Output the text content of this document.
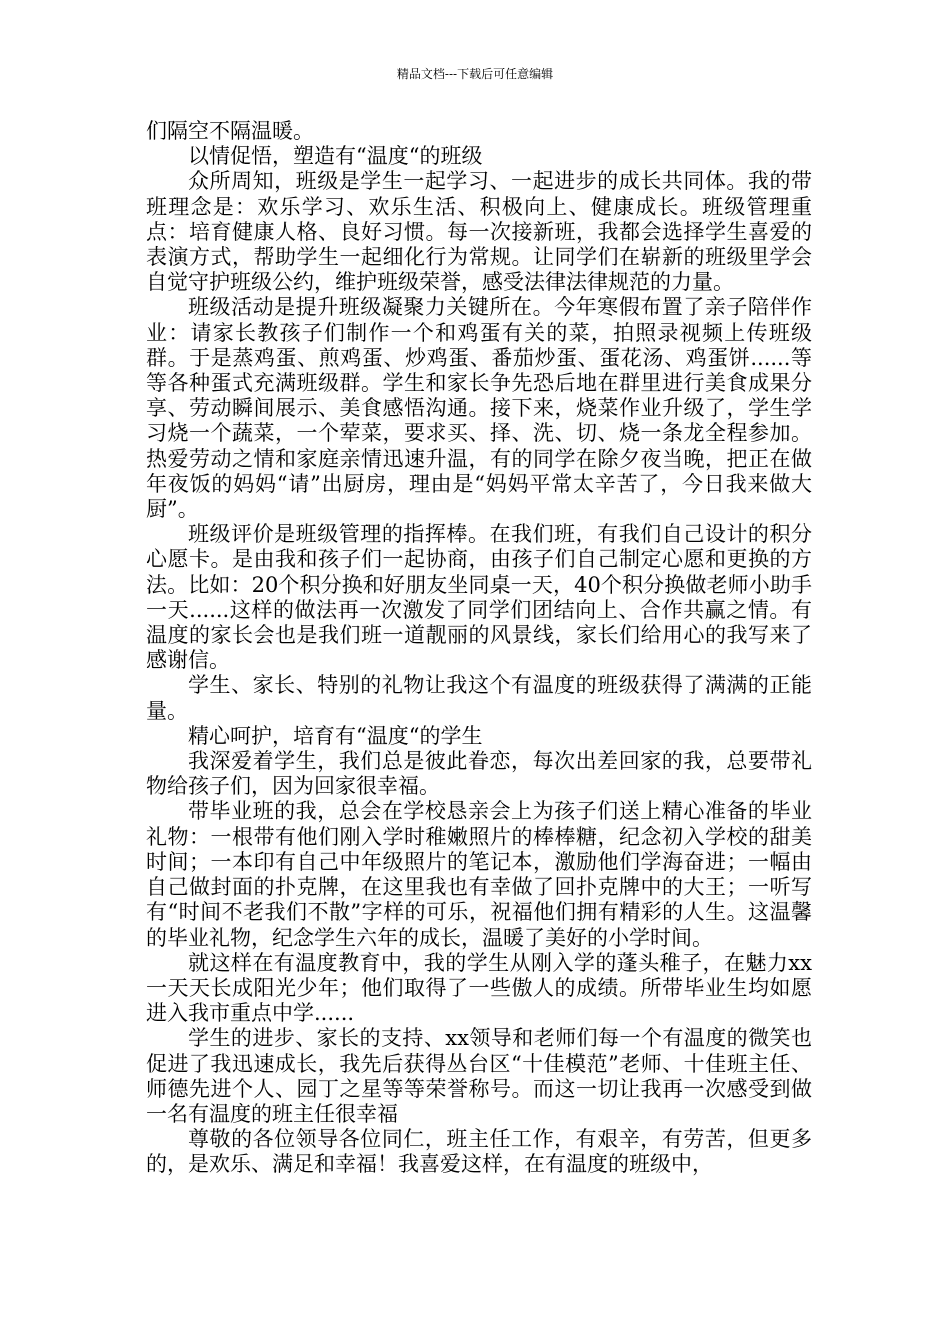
精品文档---下载后可任意编辑

们隔空不隔温暖。

以情促悟，塑造有“温度“的班级

众所周知，班级是学生一起学习、一起进步的成长共同体。我的带班理念是：欢乐学习、欢乐生活、积极向上、健康成长。班级管理重点：培育健康人格、良好习惯。每一次接新班，我都会选择学生喜爱的表演方式，帮助学生一起细化行为常规。让同学们在崭新的班级里学会自觉守护班级公约，维护班级荣誉，感受法律法律规范的力量。

班级活动是提升班级凝聚力关键所在。今年寒假布置了亲子陪伴作业：请家长教孩子们制作一个和鸡蛋有关的菜，拍照录视频上传班级群。于是蒸鸡蛋、煎鸡蛋、炒鸡蛋、番茄炒蛋、蛋花汤、鸡蛋饼......等等各种蛋式充满班级群。学生和家长争先恐后地在群里进行美食成果分享、劳动瞬间展示、美食感悟沟通。接下来，烧菜作业升级了，学生学习烧一个蔬菜，一个荤菜，要求买、择、洗、切、烧一条龙全程参加。热爱劳动之情和家庭亲情迅速升温，有的同学在除夕夜当晚，把正在做年夜饭的妈妈“请”出厨房，理由是“妈妈平常太辛苦了，今日我来做大厨”。

班级评价是班级管理的指挥棒。在我们班，有我们自己设计的积分心愿卡。是由我和孩子们一起协商，由孩子们自己制定心愿和更换的方法。比如：20个积分换和好朋友坐同桌一天，40个积分换做老师小助手一天......这样的做法再一次激发了同学们团结向上、合作共赢之情。有温度的家长会也是我们班一道靓丽的风景线，家长们给用心的我写来了感谢信。

学生、家长、特别的礼物让我这个有温度的班级获得了满满的正能量。

精心呵护，培育有“温度“的学生

我深爱着学生，我们总是彼此眷恋，每次出差回家的我，总要带礼物给孩子们，因为回家很幸福。

带毕业班的我，总会在学校恳亲会上为孩子们送上精心准备的毕业礼物：一根带有他们刚入学时稚嫩照片的棒棒糖，纪念初入学校的甜美时间；一本印有自己中年级照片的笔记本，激励他们学海奋进；一幅由自己做封面的扑克牌，在这里我也有幸做了回扑克牌中的大王；一听写有“时间不老我们不散”字样的可乐，祝福他们拥有精彩的人生。这温馨的毕业礼物，纪念学生六年的成长，温暖了美好的小学时间。

就这样在有温度教育中，我的学生从刚入学的蓬头稚子，在魅力xx一天天长成阳光少年；他们取得了一些傲人的成绩。所带毕业生均如愿进入我市重点中学......

学生的进步、家长的支持、xx领导和老师们每一个有温度的微笑也促进了我迅速成长，我先后获得丛台区“十佳模范”老师、十佳班主任、师德先进个人、园丁之星等等荣誉称号。而这一切让我再一次感受到做一名有温度的班主任很幸福

尊敬的各位领导各位同仁，班主任工作，有艰辛，有劳苦，但更多的，是欢乐、满足和幸福！我喜爱这样，在有温度的班级中，
